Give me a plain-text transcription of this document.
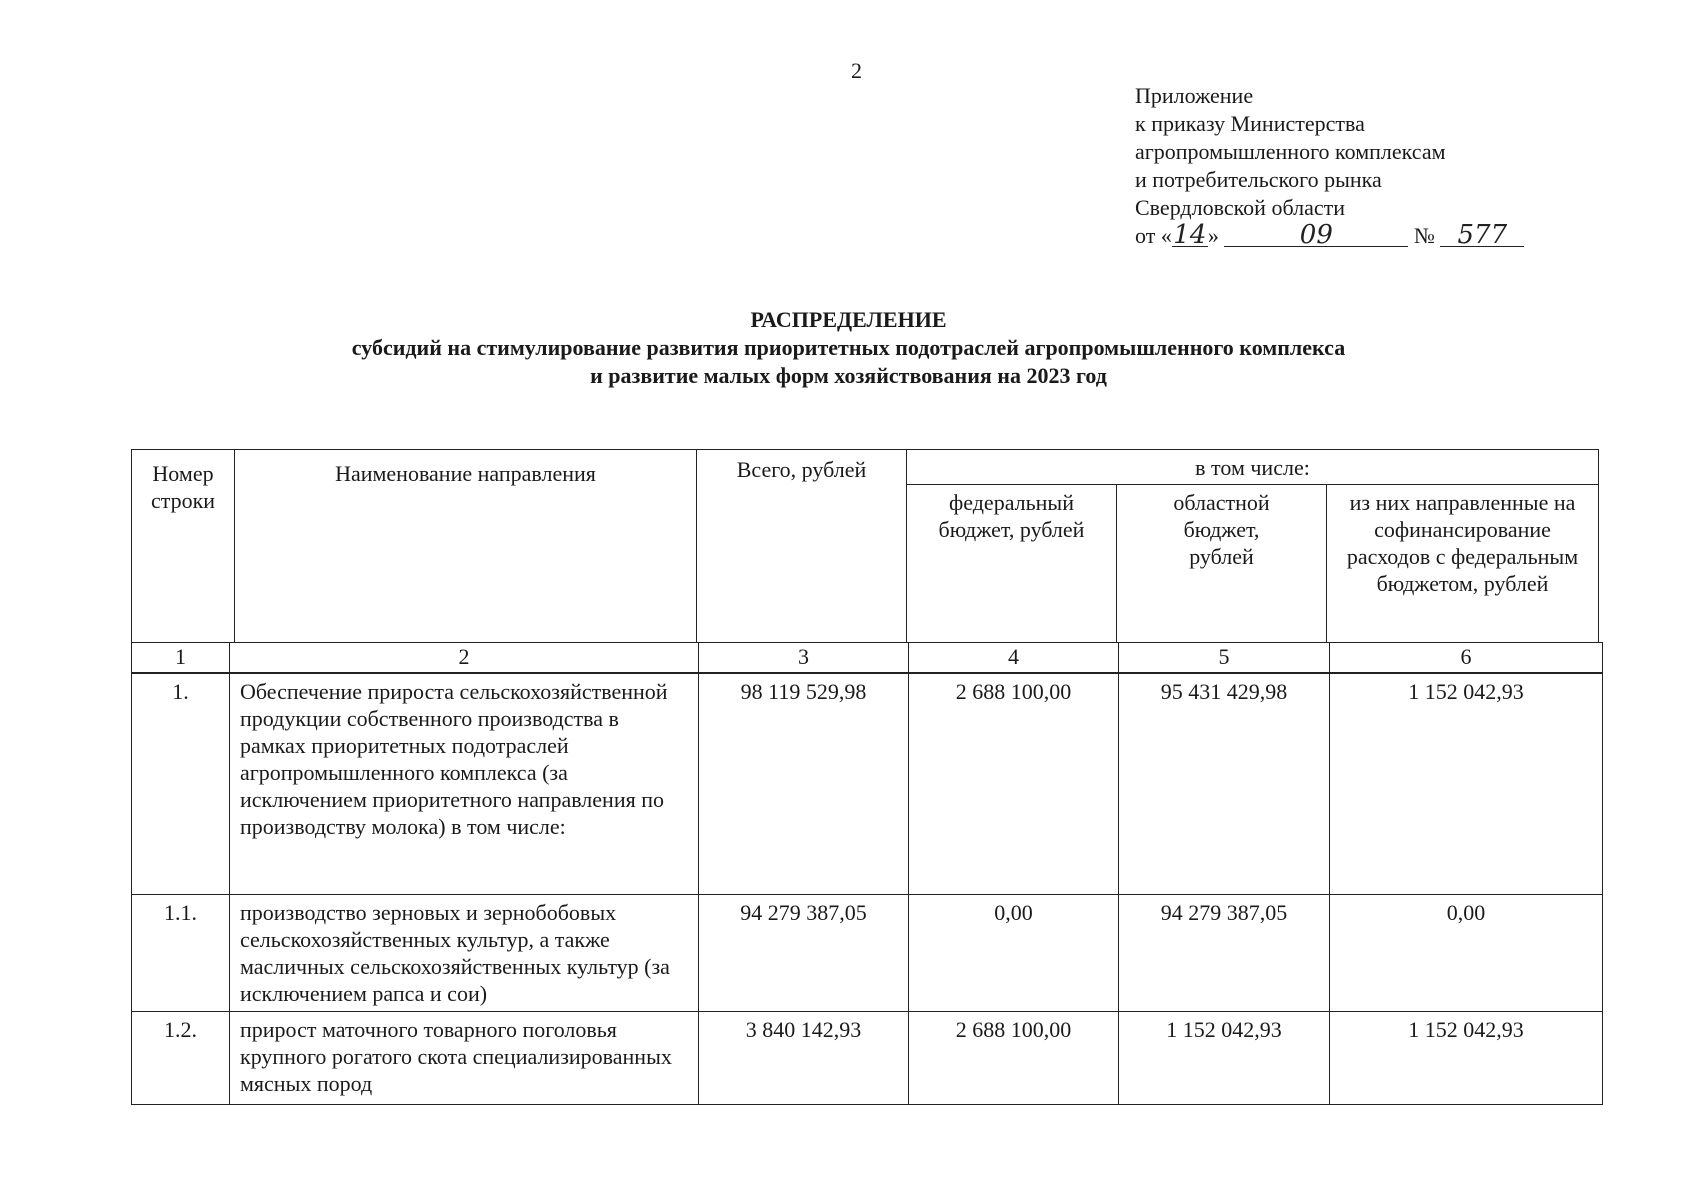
2
Приложение
к приказу Министерства
агропромышленного комплексам
и потребительского рынка
Свердловской области
от «14»	09	№ 577
РАСПРЕДЕЛЕНИЕ
субсидий на стимулирование развития приоритетных подотраслей агропромышленного комплекса
и развитие малых форм хозяйствования на 2023 год
Номер строки	Наименование направления	Всего, рублей	в том числе:		
			федеральный бюджет, рублей	областной бюджет, рублей	из них направленные на софинансирование расходов с федеральным бюджетом, рублей
1	2	3	4	5	6
1.	Обеспечение прироста сельскохозяйственной продукции собственного производства в рамках приоритетных подотраслей агропромышленного комплекса (за исключением приоритетного направления по производству молока) в том числе:	98 119 529,98	2 688 100,00	95 431 429,98	1 152 042,93
1.1.	производство зерновых и зернобобовых сельскохозяйственных культур, а также масличных сельскохозяйственных культур (за исключением рапса и сои)	94 279 387,05	0,00	94 279 387,05	0,00
1.2.	прирост маточного товарного поголовья крупного рогатого скота специализированных мясных пород	3 840 142,93	2 688 100,00	1 152 042,93	1 152 042,93
